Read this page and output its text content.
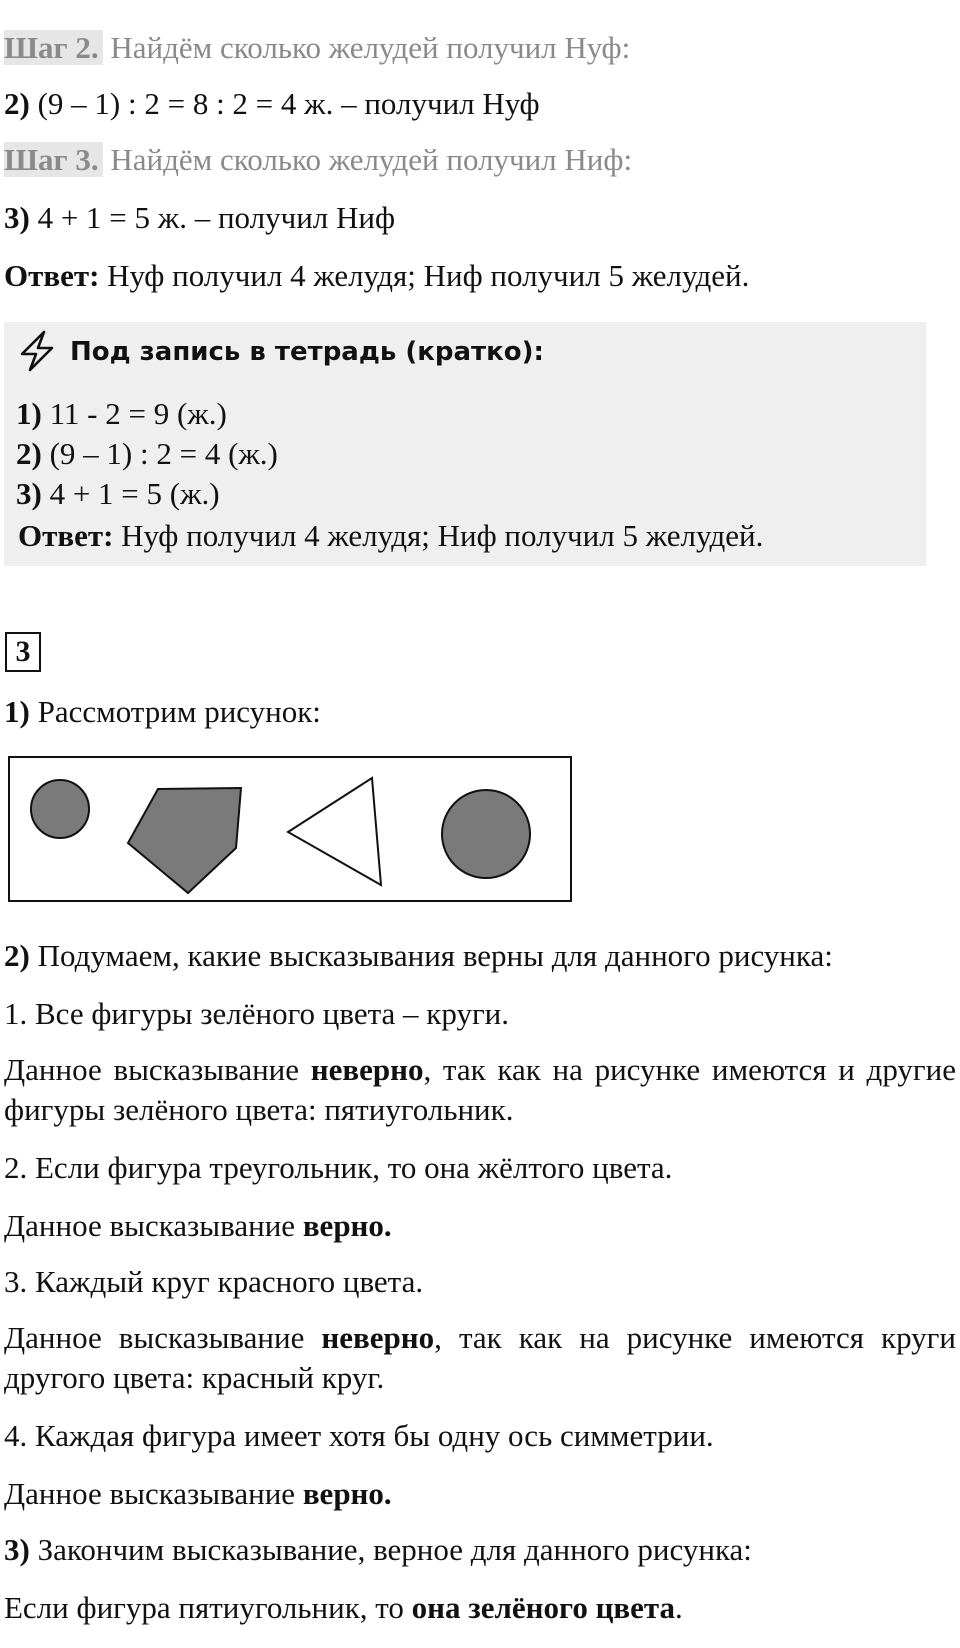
Шаг 2. Найдём сколько желудей получил Нуф:
2) (9 – 1) : 2 = 8 : 2 = 4 ж. – получил Нуф
Шаг 3. Найдём сколько желудей получил Ниф:
3) 4 + 1 = 5 ж. – получил Ниф
Ответ: Нуф получил 4 желудя; Ниф получил 5 желудей.
Под запись в тетрадь (кратко):
1) 11 - 2 = 9 (ж.)
2) (9 – 1) : 2 = 4 (ж.)
3) 4 + 1 = 5 (ж.)
Ответ: Нуф получил 4 желудя; Ниф получил 5 желудей.
3
1) Рассмотрим рисунок:
2) Подумаем, какие высказывания верны для данного рисунка:
1. Все фигуры зелёного цвета – круги.
Данное высказывание неверно, так как на рисунке имеются и другие фигуры зелёного цвета: пятиугольник.
2. Если фигура треугольник, то она жёлтого цвета.
Данное высказывание верно.
3. Каждый круг красного цвета.
Данное высказывание неверно, так как на рисунке имеются круги другого цвета: красный круг.
4. Каждая фигура имеет хотя бы одну ось симметрии.
Данное высказывание верно.
3) Закончим высказывание, верное для данного рисунка:
Если фигура пятиугольник, то она зелёного цвета.
